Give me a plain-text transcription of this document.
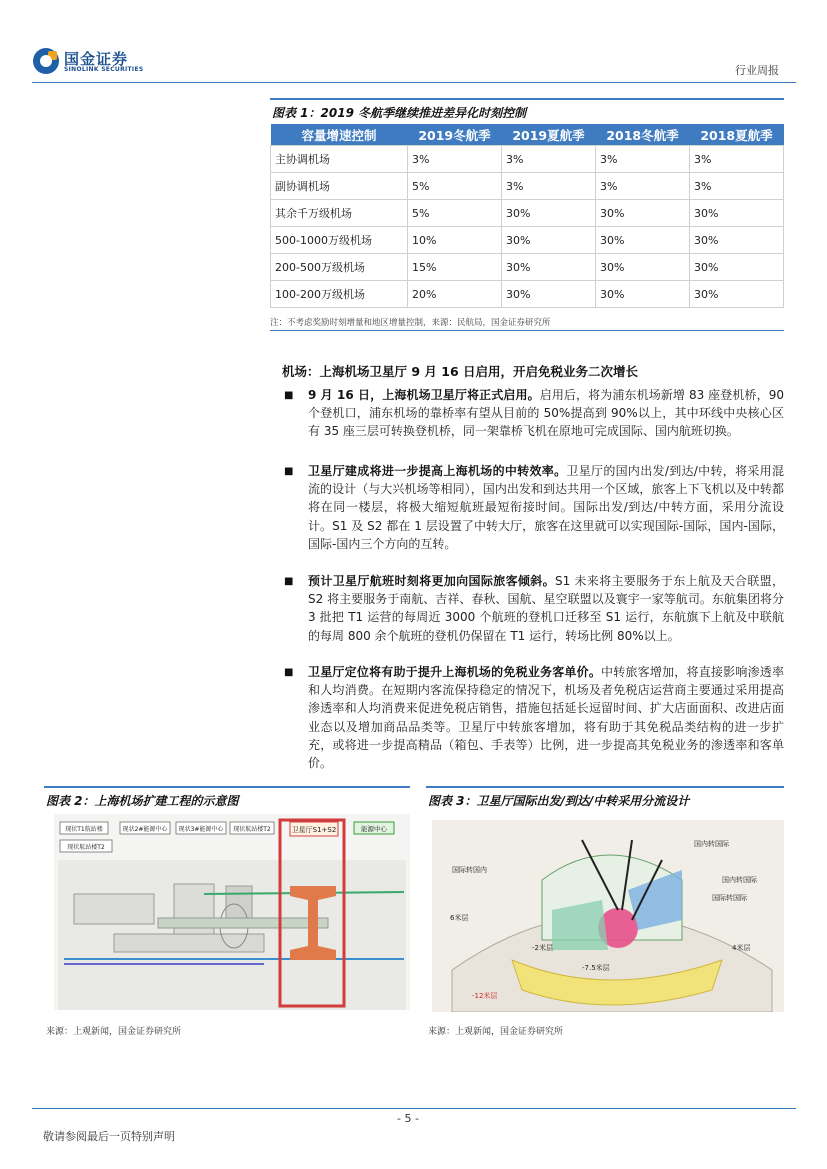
国金证券
SINOLINK SECURITIES	行业周报
图表 1：2019 冬航季继续推进差异化时刻控制
容量增速控制	2019冬航季	2019夏航季	2018冬航季	2018夏航季
主协调机场	3%	3%	3%	3%
副协调机场	5%	3%	3%	3%
其余千万级机场	5%	30%	30%	30%
500-1000万级机场	10%	30%	30%	30%
200-500万级机场	15%	30%	30%	30%
100-200万级机场	20%	30%	30%	30%
注：不考虑奖励时刻增量和地区增量控制，来源：民航局，国金证券研究所
机场：上海机场卫星厅 9 月 16 日启用，开启免税业务二次增长
■ 9 月 16 日，上海机场卫星厅将正式启用。启用后，将为浦东机场新增 83 座登机桥，90 个登机口，浦东机场的靠桥率有望从目前的 50%提高到 90%以上，其中环线中央核心区有 35 座三层可转换登机桥，同一架靠桥飞机在原地可完成国际、国内航班切换。
■ 卫星厅建成将进一步提高上海机场的中转效率。卫星厅的国内出发/到达/中转，将采用混流的设计（与大兴机场等相同），国内出发和到达共用一个区域，旅客上下飞机以及中转都将在同一楼层，将极大缩短航班最短衔接时间。国际出发/到达/中转方面，采用分流设计。S1 及 S2 都在 1 层设置了中转大厅，旅客在这里就可以实现国际-国际，国内-国际，国际-国内三个方向的互转。
■ 预计卫星厅航班时刻将更加向国际旅客倾斜。S1 未来将主要服务于东上航及天合联盟，S2 将主要服务于南航、吉祥、春秋、国航、星空联盟以及寰宇一家等航司。东航集团将分 3 批把 T1 运营的每周近 3000 个航班的登机口迁移至 S1 运行，东航旗下上航及中联航的每周 800 余个航班的登机仍保留在 T1 运行，转场比例 80%以上。
■ 卫星厅定位将有助于提升上海机场的免税业务客单价。中转旅客增加，将直接影响渗透率和人均消费。在短期内客流保持稳定的情况下，机场及者免税店运营商主要通过采用提高渗透率和人均消费来促进免税店销售，措施包括延长逗留时间、扩大店面面积、改进店面业态以及增加商品品类等。卫星厅中转旅客增加，将有助于其免税品类结构的进一步扩充，或将进一步提高精品（箱包、手表等）比例，进一步提高其免税业务的渗透率和客单价。
图表 2：上海机场扩建工程的示意图
卫星厅S1+S2	能源中心
现状T1航站楼	现状2#能源中心 现状3#能源中心
现状航站楼T2
现状航站楼T2
来源：上观新闻，国金证券研究所
图表 3：卫星厅国际出发/到达/中转采用分流设计
国内转国际
国际转国内
国内转国际
国际转国际
6米层
-2米层
-7.5米层
4米层
-12米层
来源：上观新闻，国金证券研究所
- 5 -
敬请参阅最后一页特别声明
